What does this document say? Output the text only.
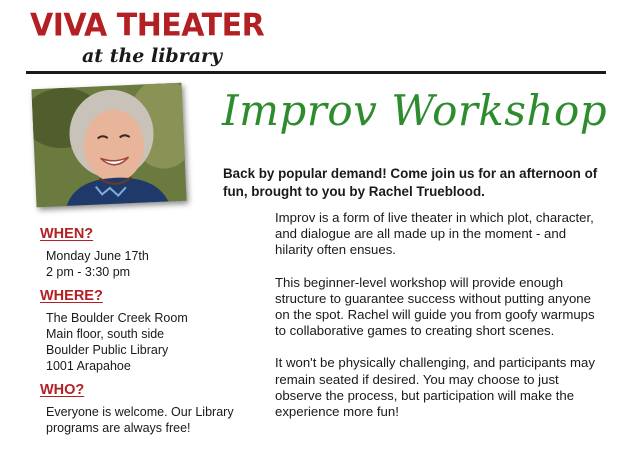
VIVA THEATER
at the library
Improv Workshop
Back by popular demand! Come join us for an afternoon of fun, brought to you by Rachel Trueblood.
WHEN?
Monday June 17th
2 pm - 3:30 pm
WHERE?
The Boulder Creek Room
Main floor, south side
Boulder Public Library
1001 Arapahoe
WHO?
Everyone is welcome. Our Library
programs are always free!

Improv is a form of live theater in which plot, character, and dialogue are all made up in the moment - and hilarity often ensues.

This beginner-level workshop will provide enough structure to guarantee success without putting anyone on the spot. Rachel will guide you from goofy warmups to collaborative games to creating short scenes.

It won't be physically challenging, and participants may remain seated if desired. You may choose to just observe the process, but participation will make the experience more fun!
